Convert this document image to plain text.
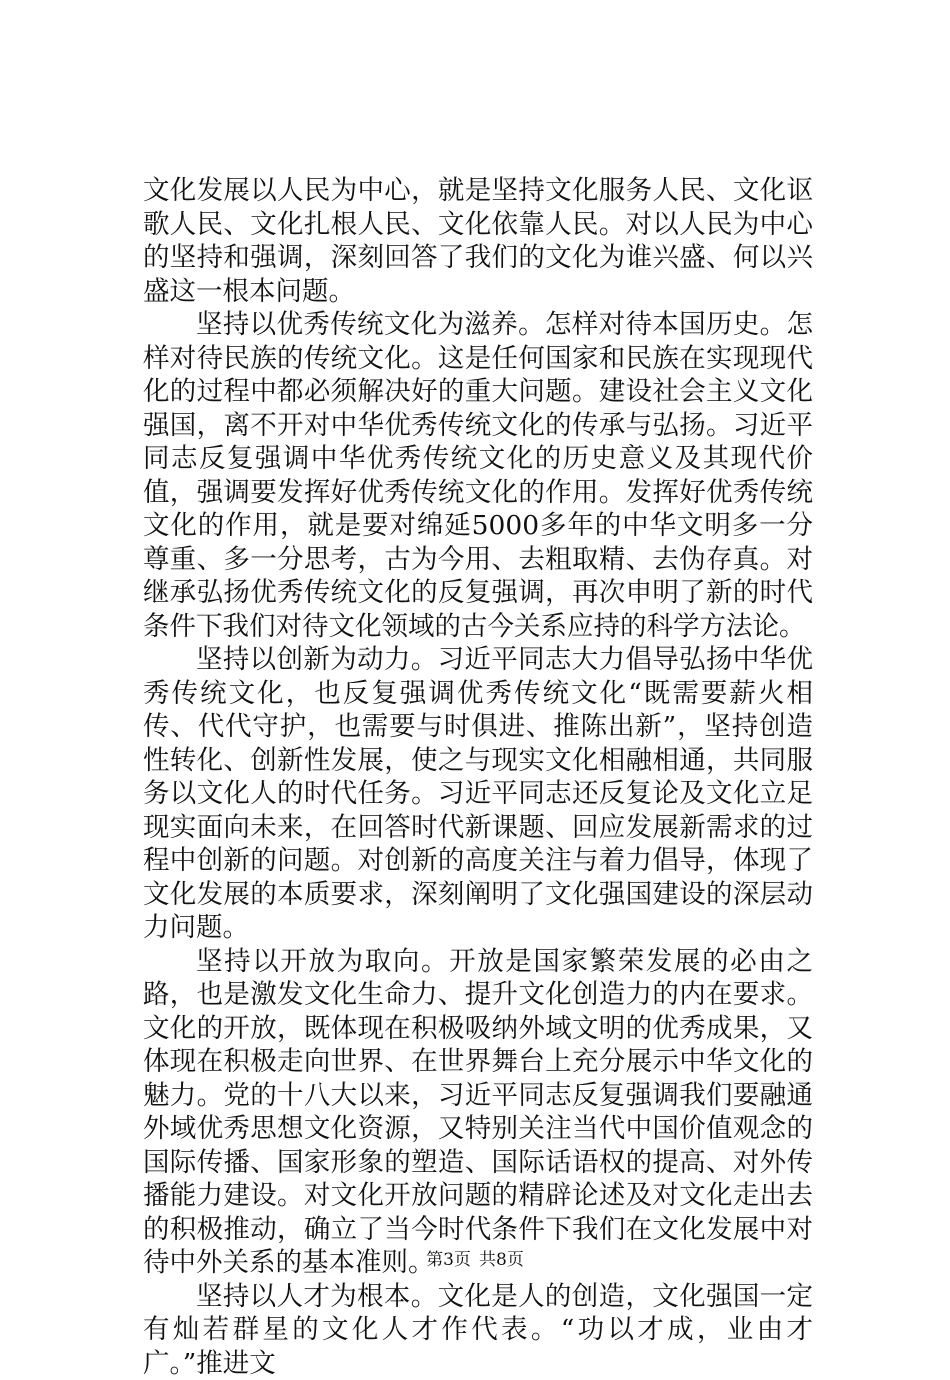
文化发展以人民为中心，就是坚持文化服务人民、文化讴歌人民、文化扎根人民、文化依靠人民。对以人民为中心的坚持和强调，深刻回答了我们的文化为谁兴盛、何以兴盛这一根本问题。

坚持以优秀传统文化为滋养。怎样对待本国历史。怎样对待民族的传统文化。这是任何国家和民族在实现现代化的过程中都必须解决好的重大问题。建设社会主义文化强国，离不开对中华优秀传统文化的传承与弘扬。习近平同志反复强调中华优秀传统文化的历史意义及其现代价值，强调要发挥好优秀传统文化的作用。发挥好优秀传统文化的作用，就是要对绵延5000多年的中华文明多一分尊重、多一分思考，古为今用、去粗取精、去伪存真。对继承弘扬优秀传统文化的反复强调，再次申明了新的时代条件下我们对待文化领域的古今关系应持的科学方法论。

坚持以创新为动力。习近平同志大力倡导弘扬中华优秀传统文化，也反复强调优秀传统文化“既需要薪火相传、代代守护，也需要与时俱进、推陈出新”，坚持创造性转化、创新性发展，使之与现实文化相融相通，共同服务以文化人的时代任务。习近平同志还反复论及文化立足现实面向未来，在回答时代新课题、回应发展新需求的过程中创新的问题。对创新的高度关注与着力倡导，体现了文化发展的本质要求，深刻阐明了文化强国建设的深层动力问题。

坚持以开放为取向。开放是国家繁荣发展的必由之路，也是激发文化生命力、提升文化创造力的内在要求。文化的开放，既体现在积极吸纳外域文明的优秀成果，又体现在积极走向世界、在世界舞台上充分展示中华文化的魅力。党的十八大以来，习近平同志反复强调我们要融通外域优秀思想文化资源，又特别关注当代中国价值观念的国际传播、国家形象的塑造、国际话语权的提高、对外传播能力建设。对文化开放问题的精辟论述及对文化走出去的积极推动，确立了当今时代条件下我们在文化发展中对待中外关系的基本准则。

坚持以人才为根本。文化是人的创造，文化强国一定有灿若群星的文化人才作代表。“功以才成，业由才广。”推进文

第3页 共8页
